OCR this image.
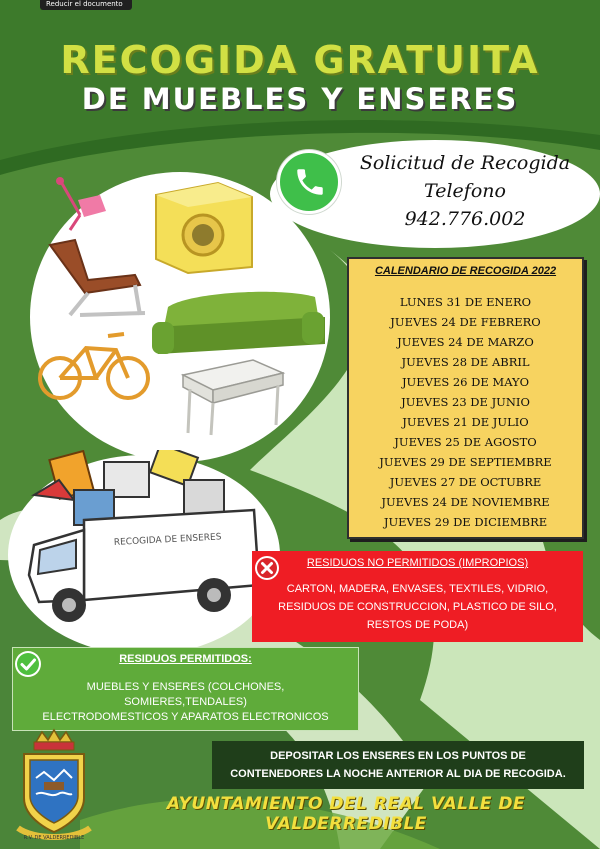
Reducir el documento
RECOGIDA GRATUITA
DE MUEBLES Y ENSERES
Solicitud de Recogida
Telefono
942.776.002
RECOGIDA DE ENSERES
CALENDARIO DE RECOGIDA 2022
LUNES 31 DE ENERO
JUEVES 24 DE FEBRERO
JUEVES 24 DE MARZO
JUEVES 28 DE ABRIL
JUEVES 26 DE MAYO
JUEVES 23 DE JUNIO
JUEVES 21 DE JULIO
JUEVES 25 DE AGOSTO
JUEVES 29 DE SEPTIEMBRE
JUEVES 27 DE OCTUBRE
JUEVES 24 DE NOVIEMBRE
JUEVES 29 DE DICIEMBRE
RESIDUOS NO PERMITIDOS (IMPROPIOS)
CARTON, MADERA, ENVASES, TEXTILES, VIDRIO,
RESIDUOS DE CONSTRUCCION, PLASTICO DE SILO,
RESTOS DE PODA)
RESIDUOS PERMITIDOS:
MUEBLES Y ENSERES (COLCHONES,
SOMIERES,TENDALES)
ELECTRODOMESTICOS Y APARATOS ELECTRONICOS
DEPOSITAR LOS ENSERES EN LOS PUNTOS DE
CONTENEDORES LA NOCHE ANTERIOR AL DIA DE RECOGIDA.
R.V. DE VALDERREDIBLE
AYUNTAMIENTO DEL REAL VALLE DE VALDERREDIBLE
